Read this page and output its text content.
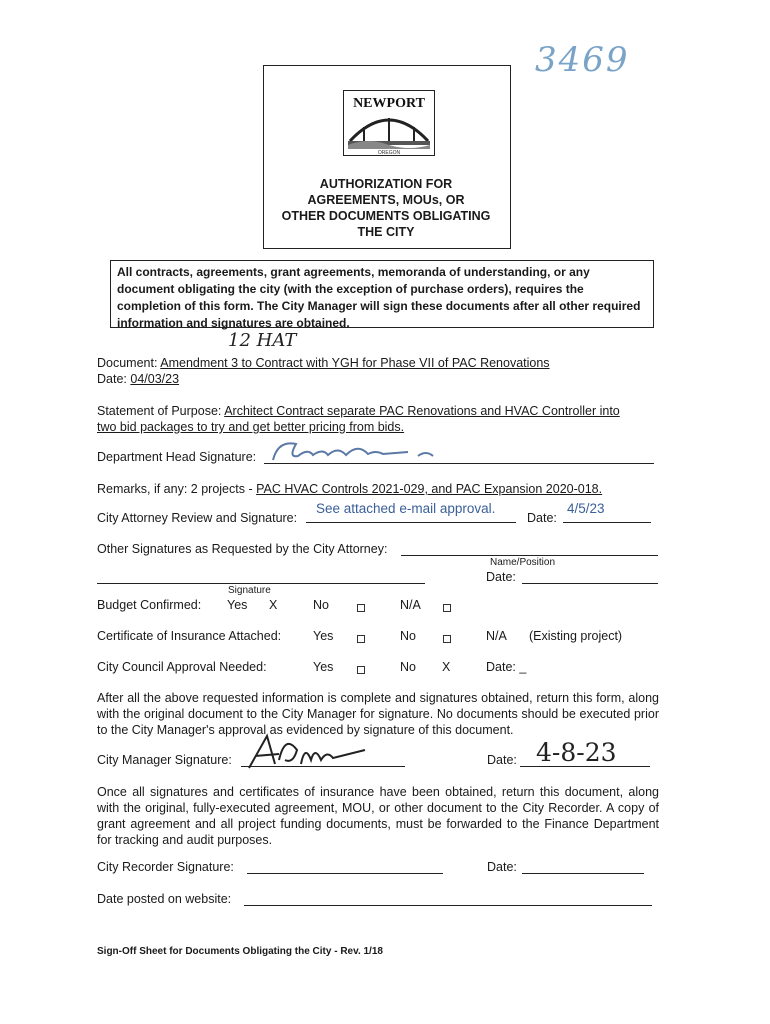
3469
NEWPORT
OREGON
AUTHORIZATION FOR
AGREEMENTS, MOUs, OR
OTHER DOCUMENTS OBLIGATING
THE CITY
All contracts, agreements, grant agreements, memoranda of understanding, or any document obligating the city (with the exception of purchase orders), requires the completion of this form. The City Manager will sign these documents after all other required information and signatures are obtained.
12 HAT
Document: Amendment 3 to Contract with YGH for Phase VII of PAC Renovations
Date: 04/03/23
Statement of Purpose: Architect Contract separate PAC Renovations and HVAC Controller into
two bid packages to try and get better pricing from bids.
Department Head Signature:
Remarks, if any: 2 projects - PAC HVAC Controls 2021-029, and PAC Expansion 2020-018.
City Attorney Review and Signature:
See attached e-mail approval.
Date:
4/5/23
Other Signatures as Requested by the City Attorney:
Name/Position
Date:
Signature
Budget Confirmed: Yes X	No	N/A
Certificate of Insurance Attached:	Yes	No	N/A (Existing project)
City Council Approval Needed:	Yes	No X	Date: _
After all the above requested information is complete and signatures obtained, return this form, along with the original document to the City Manager for signature. No documents should be executed prior to the City Manager's approval as evidenced by signature of this document.
City Manager Signature:	Date: 4-8-23
Once all signatures and certificates of insurance have been obtained, return this document, along with the original, fully-executed agreement, MOU, or other document to the City Recorder. A copy of grant agreement and all project funding documents, must be forwarded to the Finance Department for tracking and audit purposes.
City Recorder Signature:	Date:
Date posted on website:
Sign-Off Sheet for Documents Obligating the City - Rev. 1/18
